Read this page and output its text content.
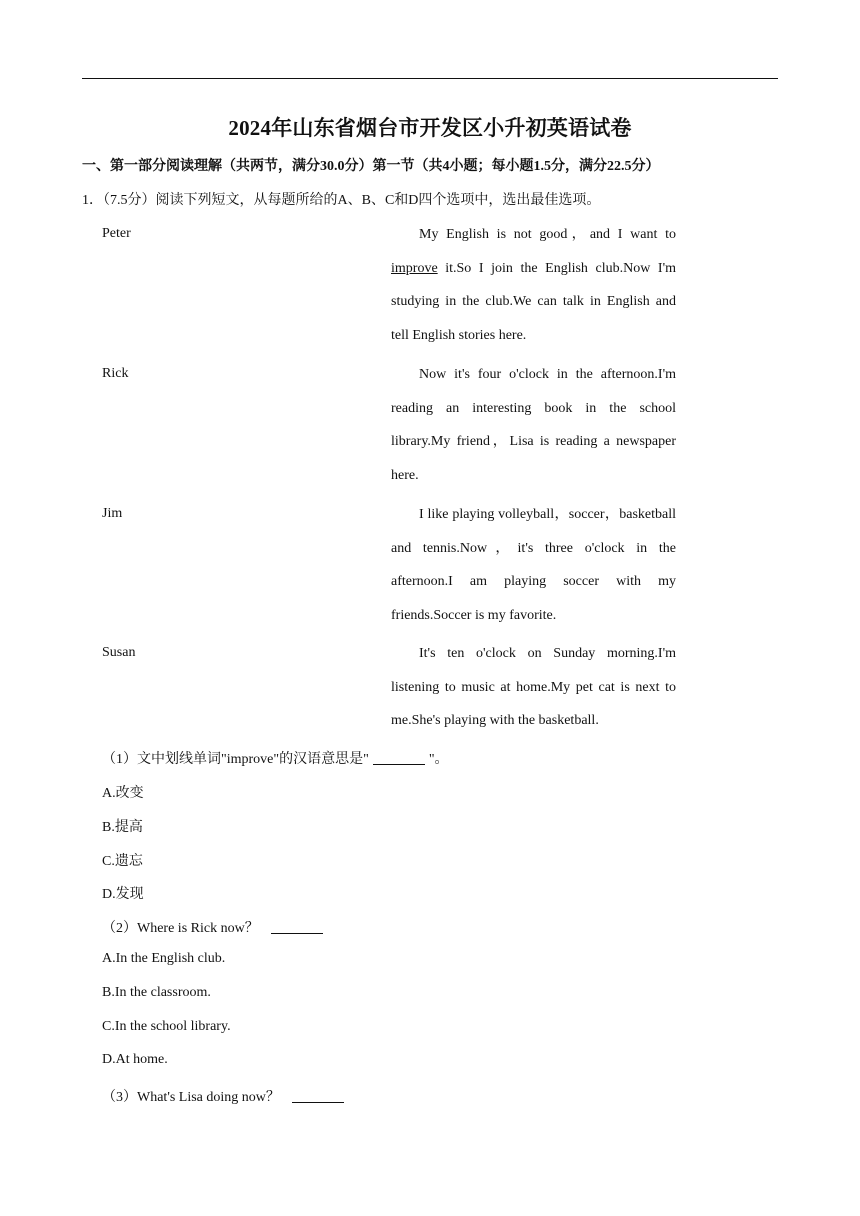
2024年山东省烟台市开发区小升初英语试卷
一、第一部分阅读理解（共两节，满分30.0分）第一节（共4小题；每小题1.5分，满分22.5分）
1．（7.5分）阅读下列短文，从每题所给的A、B、C和D四个选项中，选出最佳选项。
Peter	My English is not good，and I want to improve it.So I join the English club.Now I'm studying in the club.We can talk in English and tell English stories here.
Rick	Now it's four o'clock in the afternoon.I'm reading an interesting book in the school library.My friend，Lisa is reading a newspaper here.
Jim	I like playing volleyball，soccer，basketball and tennis.Now，it's three o'clock in the afternoon.I am playing soccer with my friends.Soccer is my favorite.
Susan	It's ten o'clock on Sunday morning.I'm listening to music at home.My pet cat is next to me.She's playing with the basketball.
（1）文中划线单词"improve"的汉语意思是"	"。
A.改变
B.提高
C.遗忘
D.发现
（2）Where is Rick now？
A.In the English club.
B.In the classroom.
C.In the school library.
D.At home.
（3）What's Lisa doing now？
